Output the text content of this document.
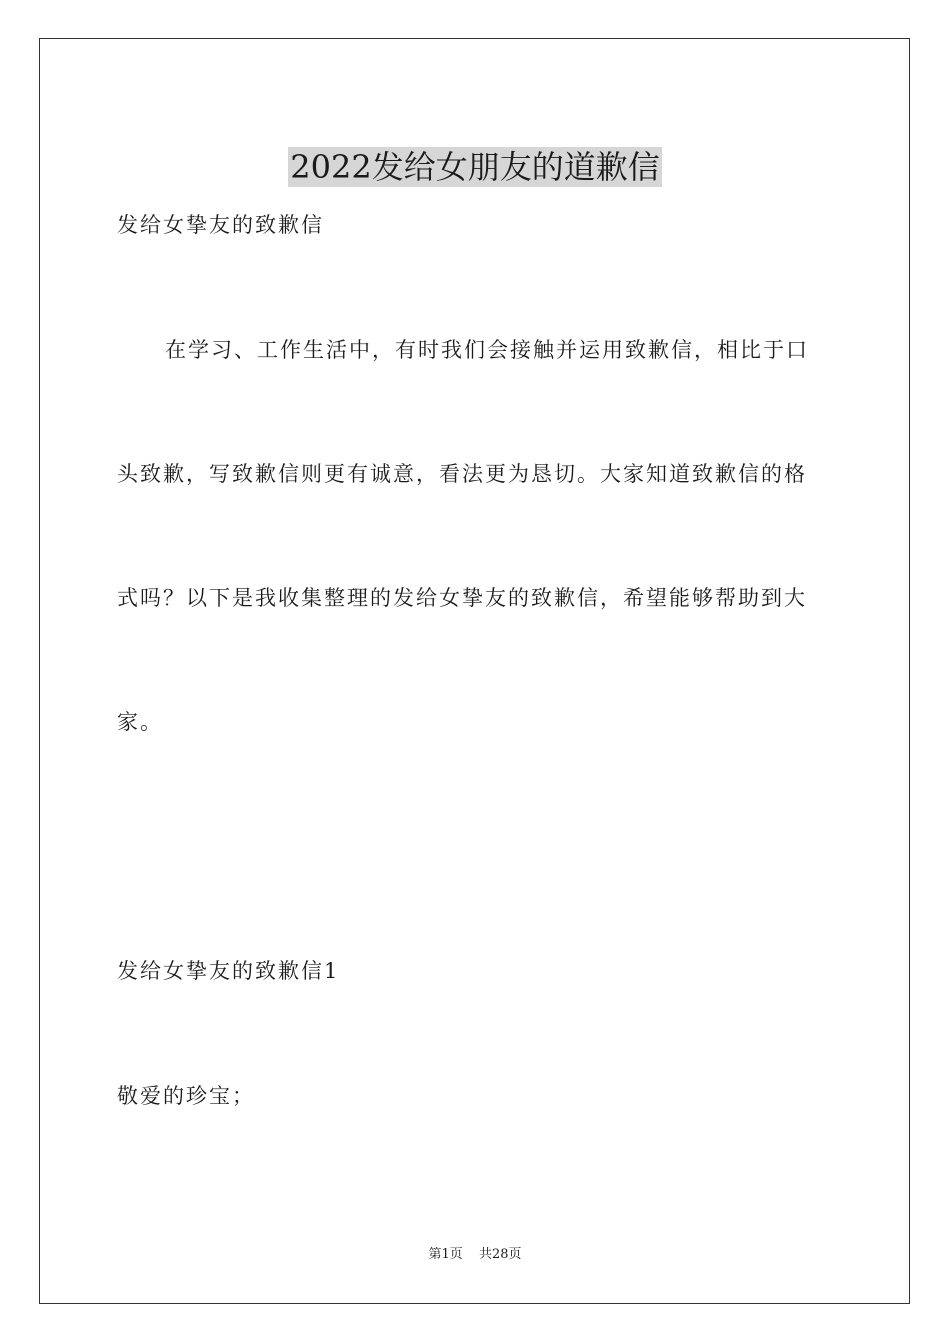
2022发给女朋友的道歉信
发给女挚友的致歉信
在学习、工作生活中，有时我们会接触并运用致歉信，相比于口
头致歉，写致歉信则更有诚意，看法更为恳切。大家知道致歉信的格
式吗？以下是我收集整理的发给女挚友的致歉信，希望能够帮助到大
家。
发给女挚友的致歉信1
敬爱的珍宝；
第1页 共28页
